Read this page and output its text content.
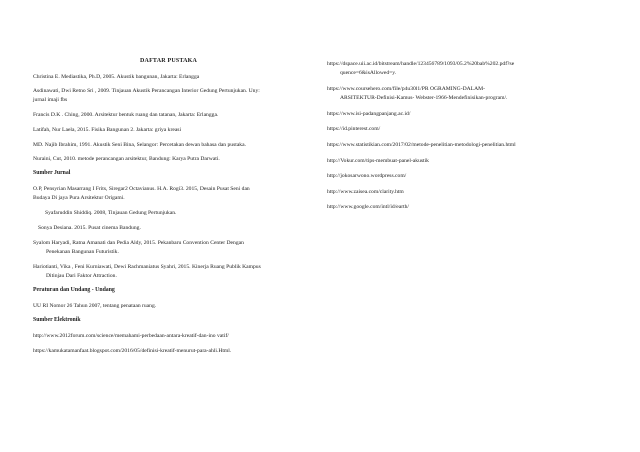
DAFTAR PUSTAKA
Christina E. Mediastika, Ph.D, 2005. Akustik bangunan, Jakarta: Erlangga
Asdinawati, Dwi Retno Sri , 2009. Tinjauan Akustik Perancangan Interior Gedung Pertunjukan. Uny:
jurnal imaji fbs
Francis D.K . Ching, 2000. Arsitektur bentuk ruang dan tatanan, Jakarta: Erlangga.
Latifah, Nur Laela, 2015. Fisika Bangunan 2. Jakarta: griya kreasi
MD. Najib Ibrahim, 1991. Akustik Seni Bina, Selangor: Percetakan dewan bahasa dan pustaka.
Nuraini, Cut, 2010. metode perancangan arsitektur, Bandung: Karya Putra Darwati.
Sumber Jurnal
O.P, Pensyrian Masarrang I Frits, Siregar2 Octavianus. H.A. Rogi3. 2015, Desain Pusat Seni dan
Budaya Di jaya Pura Arsitektur Origami.
Syafaruddin Shiddiq. 2008, Tinjauan Gedung Pertunjukan.
Sonya Desiana. 2015. Pusat cinema Bandung.
Syalom Haryadi, Ratna Amanati dan Pedia Aldy, 2015. Pekanbaru Convention Center Dengan
Penekanan Bangunan Futuristik.
Hariotianti, Vika , Feni Kurniawati, Dewi Rachmaniatus Syahri, 2015. Kinerja Ruang Publik Kampus
Ditinjau Dari Faktor Attraction.
Peraturan dan Undang - Undang
UU RI Nomor 26 Tahun 2007, tentang penataan ruang.
Sumber Elektronik
http://www.2012forum.com/science/memahami-perbedaan-antara-kreatif-dan-ino vatif/
https://kamukatamanfaat.blogspot.com/2016/05/definisi-kreatif-menurut-para-ahli.Html.
https://dspace.uii.ac.id/bitstream/handle/123456789/1093/05.2%20bab%202.pdf?se
quence=6&isAllowed=y.
https://www.coursehero.com/file/p4u30l1/PR OGRAMING-DALAM-
ARSITEKTUR-Definisi-Kamus- Webster-1966-Mendefinisikan-program/.
https://www.isi-padangpanjang.ac.id/
https://id.pinterest.com/
https://www.statistikian.com/2017/02/metode-penelitian-metodologi-penelitian.html
http://Vokur.com/tips-membuat-panel-akustik
http://jokosarwono.wordpress.com/
http://www.zaisea.com/clarity.htm
http://www.google.com/intl/id/earth/
